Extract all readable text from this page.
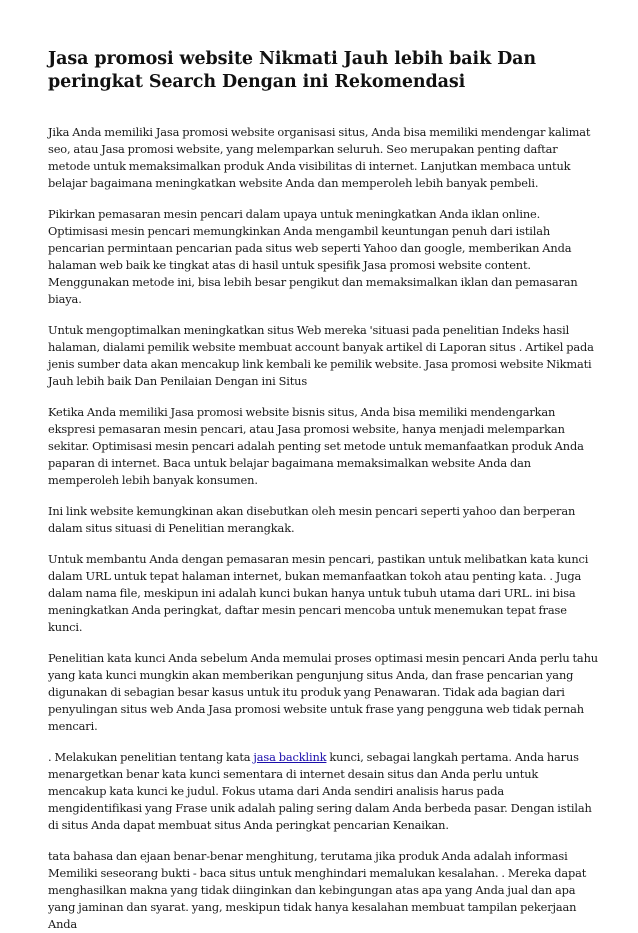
Jasa promosi website Nikmati Jauh lebih baik Dan peringkat Search Dengan ini Rekomendasi

Jika Anda memiliki Jasa promosi website organisasi situs, Anda bisa memiliki mendengar kalimat seo, atau Jasa promosi website, yang melemparkan seluruh. Seo merupakan penting daftar metode untuk memaksimalkan produk Anda visibilitas di internet. Lanjutkan membaca untuk belajar bagaimana meningkatkan website Anda dan memperoleh lebih banyak pembeli.

Pikirkan pemasaran mesin pencari dalam upaya untuk meningkatkan Anda iklan online. Optimisasi mesin pencari memungkinkan Anda mengambil keuntungan penuh dari istilah pencarian permintaan pencarian pada situs web seperti Yahoo dan google, memberikan Anda halaman web baik ke tingkat atas di hasil untuk spesifik Jasa promosi website content. Menggunakan metode ini, bisa lebih besar pengikut dan memaksimalkan iklan dan pemasaran biaya.

Untuk mengoptimalkan meningkatkan situs Web mereka 'situasi pada penelitian Indeks hasil halaman, dialami pemilik website membuat account banyak artikel di Laporan situs . Artikel pada jenis sumber data akan mencakup link kembali ke pemilik website. Jasa promosi website Nikmati Jauh lebih baik Dan Penilaian Dengan ini Situs

Ketika Anda memiliki Jasa promosi website bisnis situs, Anda bisa memiliki mendengarkan ekspresi pemasaran mesin pencari, atau Jasa promosi website, hanya menjadi melemparkan sekitar. Optimisasi mesin pencari adalah penting set metode untuk memanfaatkan produk Anda paparan di internet. Baca untuk belajar bagaimana memaksimalkan website Anda dan memperoleh lebih banyak konsumen.

Ini link website kemungkinan akan disebutkan oleh mesin pencari seperti yahoo dan berperan dalam situs situasi di Penelitian merangkak.

Untuk membantu Anda dengan pemasaran mesin pencari, pastikan untuk melibatkan kata kunci dalam URL untuk tepat halaman internet, bukan memanfaatkan tokoh atau penting kata. . Juga dalam nama file, meskipun ini adalah kunci bukan hanya untuk tubuh utama dari URL. ini bisa meningkatkan Anda peringkat, daftar mesin pencari mencoba untuk menemukan tepat frase kunci.

Penelitian kata kunci Anda sebelum Anda memulai proses optimasi mesin pencari Anda perlu tahu yang kata kunci mungkin akan memberikan pengunjung situs Anda, dan frase pencarian yang digunakan di sebagian besar kasus untuk itu produk yang Penawaran. Tidak ada bagian dari penyulingan situs web Anda Jasa promosi website untuk frase yang pengguna web tidak pernah mencari.

. Melakukan penelitian tentang kata jasa backlink kunci, sebagai langkah pertama. Anda harus menargetkan benar kata kunci sementara di internet desain situs dan Anda perlu untuk mencakup kata kunci ke judul. Fokus utama dari Anda sendiri analisis harus pada mengidentifikasi yang Frase unik adalah paling sering dalam Anda berbeda pasar. Dengan istilah di situs Anda dapat membuat situs Anda peringkat pencarian Kenaikan.

tata bahasa dan ejaan benar-benar menghitung, terutama jika produk Anda adalah informasi Memiliki seseorang bukti - baca situs untuk menghindari memalukan kesalahan. . Mereka dapat menghasilkan makna yang tidak diinginkan dan kebingungan atas apa yang Anda jual dan apa yang jaminan dan syarat. yang, meskipun tidak hanya kesalahan membuat tampilan pekerjaan Anda
